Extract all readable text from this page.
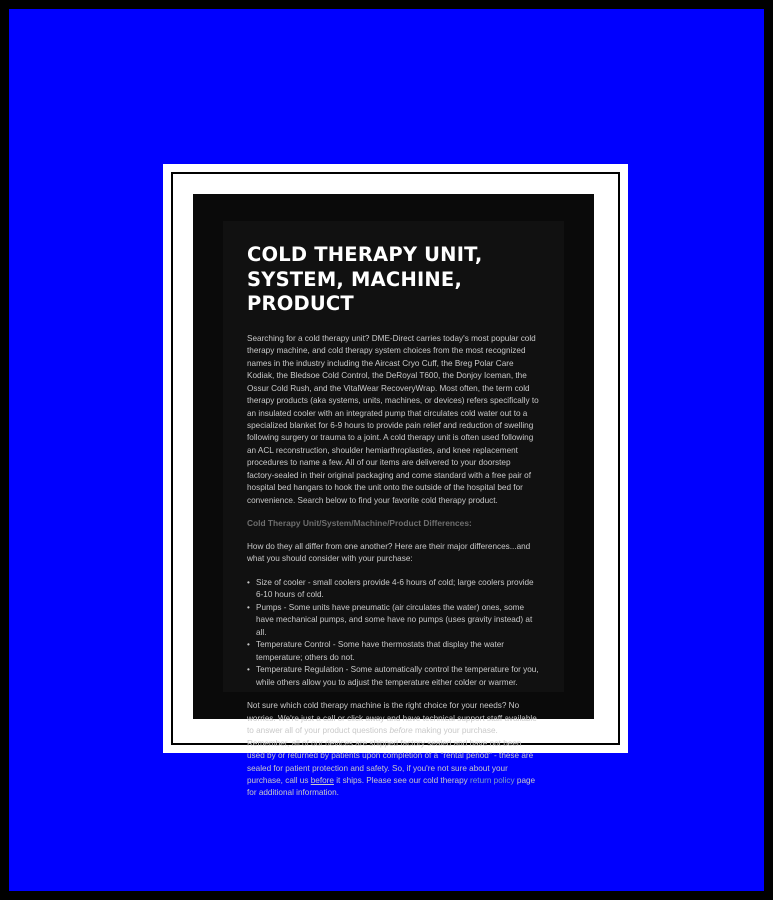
COLD THERAPY UNIT, SYSTEM, MACHINE, PRODUCT

Searching for a cold therapy unit? DME-Direct carries today's most popular cold therapy machine, and cold therapy system choices from the most recognized names in the industry including the Aircast Cryo Cuff, the Breg Polar Care Kodiak, the Bledsoe Cold Control, the DeRoyal T600, the Donjoy Iceman, the Ossur Cold Rush, and the VitalWear RecoveryWrap. Most often, the term cold therapy products (aka systems, units, machines, or devices) refers specifically to an insulated cooler with an integrated pump that circulates cold water out to a specialized blanket for 6-9 hours to provide pain relief and reduction of swelling following surgery or trauma to a joint. A cold therapy unit is often used following an ACL reconstruction, shoulder hemiarthroplasties, and knee replacement procedures to name a few. All of our items are delivered to your doorstep factory-sealed in their original packaging and come standard with a free pair of hospital bed hangars to hook the unit onto the outside of the hospital bed for convenience. Search below to find your favorite cold therapy product.

Cold Therapy Unit/System/Machine/Product Differences:

How do they all differ from one another? Here are their major differences...and what you should consider with your purchase:

• Size of cooler - small coolers provide 4-6 hours of cold; large coolers provide 6-10 hours of cold.
• Pumps - Some units have pneumatic (air circulates the water) ones, some have mechanical pumps, and some have no pumps (uses gravity instead) at all.
• Temperature Control - Some have thermostats that display the water temperature; others do not.
• Temperature Regulation - Some automatically control the temperature for you, while others allow you to adjust the temperature either colder or warmer.

Not sure which cold therapy machine is the right choice for your needs? No worries. We're just a call or click away and have technical support staff available to answer all of your product questions before making your purchase. Remember, all of our devices are shipped factory sealed and have not been used by or returned by patients upon completion of a "rental period" - these are sealed for patient protection and safety. So, if you're not sure about your purchase, call us before it ships. Please see our cold therapy return policy page for additional information.
